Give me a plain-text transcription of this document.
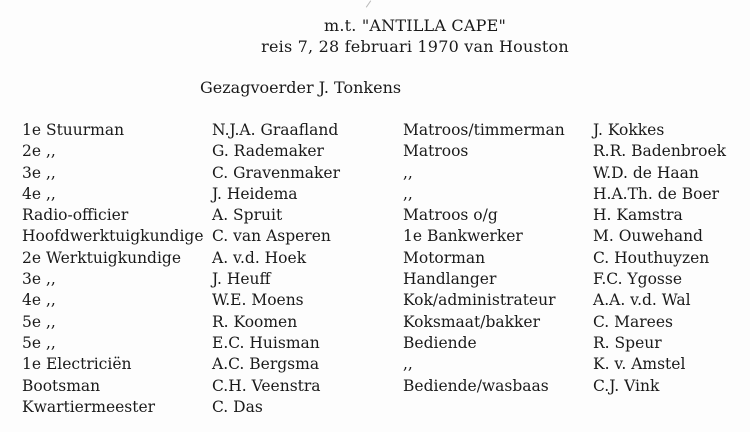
m.t. "ANTILLA CAPE"
reis 7, 28 februari 1970 van Houston
Gezagvoerder J. Tonkens
1e Stuurman
2e ,,
3e ,,
4e ,,
Radio-officier
Hoofdwerktuigkundige
2e Werktuigkundige
3e ,,
4e ,,
5e ,,
5e ,,
1e Electriciën
Bootsman
Kwartiermeester
N.J.A. Graafland
G. Rademaker
C. Gravenmaker
J. Heidema
A. Spruit
C. van Asperen
A. v.d. Hoek
J. Heuff
W.E. Moens
R. Koomen
E.C. Huisman
A.C. Bergsma
C.H. Veenstra
C. Das
Matroos/timmerman
Matroos
,,
,,
Matroos o/g
1e Bankwerker
Motorman
Handlanger
Kok/administrateur
Koksmaat/bakker
Bediende
,,
Bediende/wasbaas
J. Kokkes
R.R. Badenbroek
W.D. de Haan
H.A.Th. de Boer
H. Kamstra
M. Ouwehand
C. Houthuyzen
F.C. Ygosse
A.A. v.d. Wal
C. Marees
R. Speur
K. v. Amstel
C.J. Vink
